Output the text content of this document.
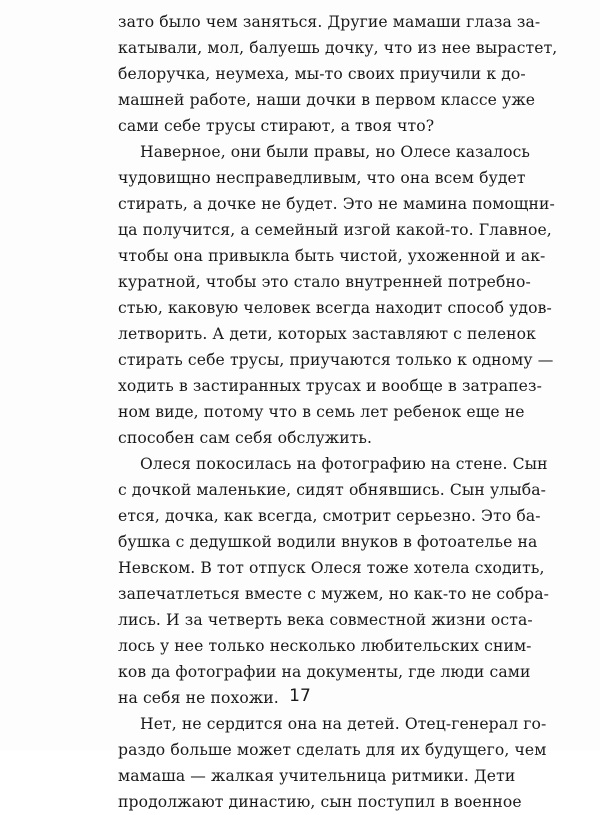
зато было чем заняться. Другие мамаши глаза за-
катывали, мол, балуешь дочку, что из нее вырастет,
белоручка, неумеха, мы-то своих приучили к до-
машней работе, наши дочки в первом классе уже
сами себе трусы стирают, а твоя что?
Наверное, они были правы, но Олесе казалось
чудовищно несправедливым, что она всем будет
стирать, а дочке не будет. Это не мамина помощни-
ца получится, а семейный изгой какой-то. Главное,
чтобы она привыкла быть чистой, ухоженной и ак-
куратной, чтобы это стало внутренней потребно-
стью, каковую человек всегда находит способ удов-
летворить. А дети, которых заставляют с пеленок
стирать себе трусы, приучаются только к одному —
ходить в застиранных трусах и вообще в затрапез-
ном виде, потому что в семь лет ребенок еще не
способен сам себя обслужить.
Олеся покосилась на фотографию на стене. Сын
с дочкой маленькие, сидят обнявшись. Сын улыба-
ется, дочка, как всегда, смотрит серьезно. Это ба-
бушка с дедушкой водили внуков в фотоателье на
Невском. В тот отпуск Олеся тоже хотела сходить,
запечатлеться вместе с мужем, но как-то не собра-
лись. И за четверть века совместной жизни оста-
лось у нее только несколько любительских сним-
ков да фотографии на документы, где люди сами
на себя не похожи.
Нет, не сердится она на детей. Отец-генерал го-
раздо больше может сделать для их будущего, чем
мамаша — жалкая учительница ритмики. Дети
продолжают династию, сын поступил в военное
17
